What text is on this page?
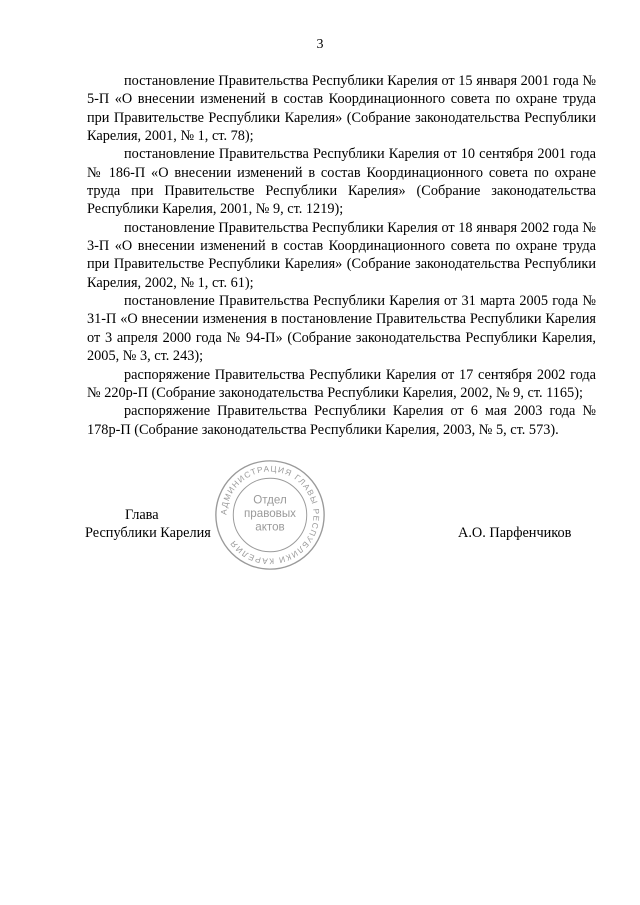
3

постановление Правительства Республики Карелия от 15 января 2001 года № 5-П «О внесении изменений в состав Координационного совета по охране труда при Правительстве Республики Карелия» (Собрание законодательства Республики Карелия, 2001, № 1, ст. 78);

постановление Правительства Республики Карелия от 10 сентября 2001 года № 186-П «О внесении изменений в состав Координационного совета по охране труда при Правительстве Республики Карелия» (Собрание законодательства Республики Карелия, 2001, № 9, ст. 1219);

постановление Правительства Республики Карелия от 18 января 2002 года № 3-П «О внесении изменений в состав Координационного совета по охране труда при Правительстве Республики Карелия» (Собрание законодательства Республики Карелия, 2002, № 1, ст. 61);

постановление Правительства Республики Карелия от 31 марта 2005 года № 31-П «О внесении изменения в постановление Правительства Республики Карелия от 3 апреля 2000 года № 94-П» (Собрание законодательства Республики Карелия, 2005, № 3, ст. 243);

распоряжение Правительства Республики Карелия от 17 сентября 2002 года № 220р-П (Собрание законодательства Республики Карелия, 2002, № 9, ст. 1165);

распоряжение Правительства Республики Карелия от 6 мая 2003 года № 178р-П (Собрание законодательства Республики Карелия, 2003, № 5, ст. 573).

Глава
Республики Карелия	А.О. Парфенчиков
АДМИНИСТРАЦИЯ ГЛАВЫ РЕСПУБЛИКИ КАРЕЛИЯ
Отдел
правовых
актов
